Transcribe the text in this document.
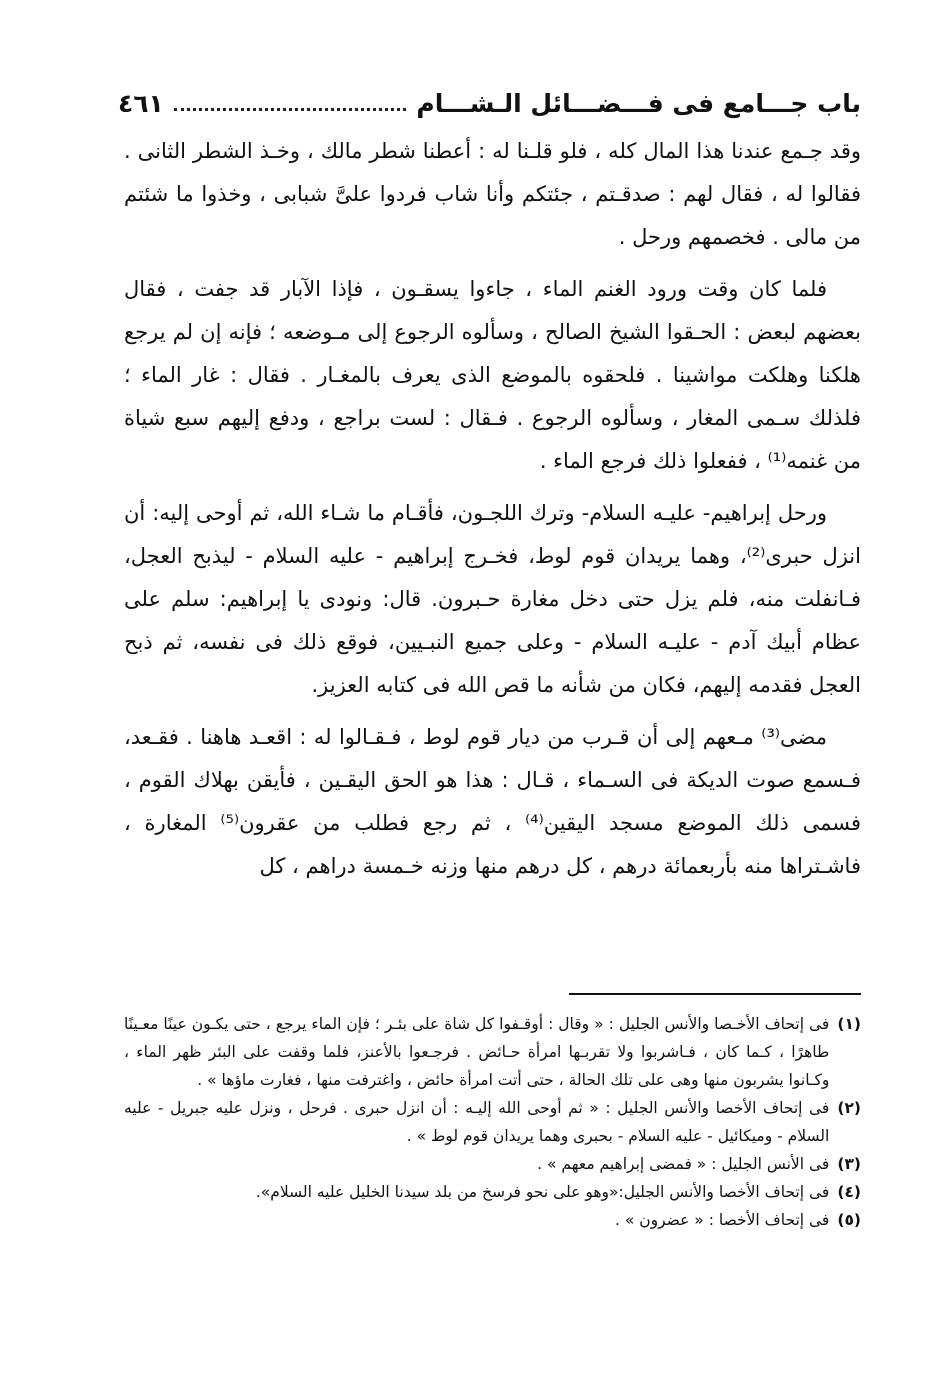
باب جـــامع فى فـــضـــائل الـشـــام
٤٦١

وقد جـمع عندنا هذا المال كله ، فلو قلـنا له : أعطنا شطر مالك ، وخـذ الشطر الثانى . فقالوا له ، فقال لهم : صدقـتم ، جئتكم وأنا شاب فردوا علىَّ شبابى ، وخذوا ما شئتم من مالى . فخصمهم ورحل .

فلما كان وقت ورود الغنم الماء ، جاءوا يسقـون ، فإذا الآبار قد جفت ، فقال بعضهم لبعض : الحـقوا الشيخ الصالح ، وسألوه الرجوع إلى مـوضعه ؛ فإنه إن لم يرجع هلكنا وهلكت مواشينا . فلحقوه بالموضع الذى يعرف بالمغـار . فقال : غار الماء ؛ فلذلك سـمى المغار ، وسألوه الرجوع . فـقال : لست براجع ، ودفع إليهم سبع شياة من غنمه⁽¹⁾ ، ففعلوا ذلك فرجع الماء .

ورحل إبراهيم- عليـه السلام- وترك اللجـون، فأقـام ما شـاء الله، ثم أوحى إليه: أن انزل حبرى⁽²⁾، وهما يريدان قوم لوط، فخـرج إبراهيم - عليه السلام - ليذبح العجل، فـانفلت منه، فلم يزل حتى دخل مغارة حـبرون. قال: ونودى يا إبراهيم: سلم على عظام أبيك آدم - عليـه السلام - وعلى جميع النبـيين، فوقع ذلك فى نفسه، ثم ذبح العجل فقدمه إليهم، فكان من شأنه ما قص الله فى كتابه العزيز.

مضى⁽³⁾ مـعهم إلى أن قـرب من ديار قوم لوط ، فـقـالوا له : اقعـد هاهنا . فقـعد، فـسمع صوت الديكة فى السـماء ، قـال : هذا هو الحق اليقـين ، فأيقن بهلاك القوم ، فسمى ذلك الموضع مسجد اليقين⁽⁴⁾ ، ثم رجع فطلب من عقرون⁽⁵⁾ المغارة ، فاشـتراها منه بأربعمائة درهم ، كل درهم منها وزنه خـمسة دراهم ، كل

(١)
فى إتحاف الأخـصا والأنس الجليل : « وقال : أوقـفوا كل شاة على بئـر ؛ فإن الماء يرجع ، حتى يكـون عينًا معـينًا طاهرًا ، كـما كان ، فـاشربوا ولا تقربـها امرأة حـائض . فرجـعوا بالأعنز، فلما وقفت على البئر ظهر الماء ، وكـانوا يشربون منها وهى على تلك الحالة ، حتى أتت امرأة حائض ، واغترفت منها ، فغارت ماؤها » .
(٢)
فى إتحاف الأخصا والأنس الجليل : « ثم أوحى الله إليـه : أن انزل حبرى . فرحل ، ونزل عليه جبريل - عليه السلام - وميكائيل - عليه السلام - بحبرى وهما يريدان قوم لوط » .
(٣)
فى الأنس الجليل : « فمضى إبراهيم معهم » .
(٤)
فى إتحاف الأخصا والأنس الجليل:«وهو على نحو فرسخ من بلد سيدنا الخليل عليه السلام».
(٥)
فى إتحاف الأخصا : « عضرون » .
